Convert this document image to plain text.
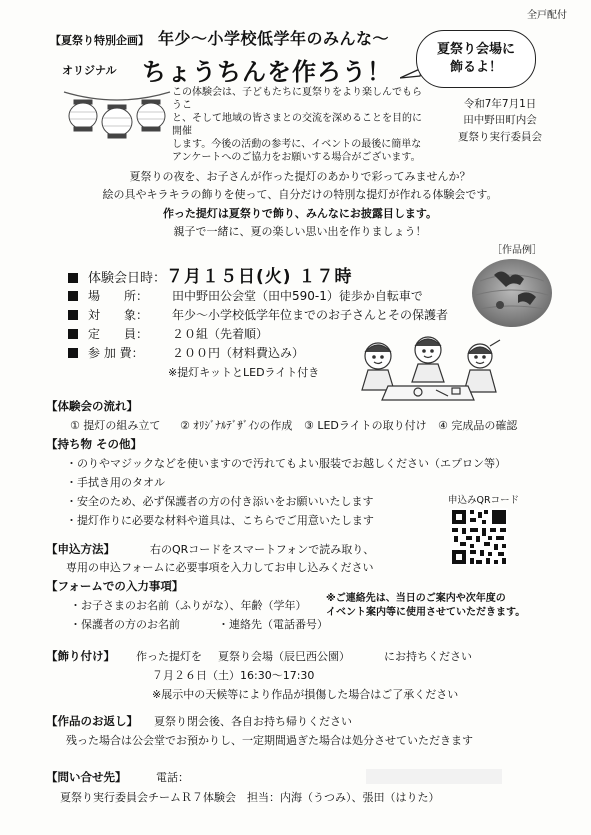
全戸配付
【夏祭り特別企画】 年少～小学校低学年のみんな～
オリジナル ちょうちんを作ろう！
夏祭り会場に
飾るよ！
この体験会は、子どもたちに夏祭りをより楽しんでもらうこ
と、そして地域の皆さまとの交流を深めることを目的に開催
します。今後の活動の参考に、イベントの最後に簡単な
アンケートへのご協力をお願いする場合がございます。
令和7年7月1日
田中野田町内会
夏祭り実行委員会
夏祭りの夜を、お子さんが作った提灯のあかりで彩ってみませんか？
絵の具やキラキラの飾りを使って、自分だけの特別な提灯が作れる体験会です。
作った提灯は夏祭りで飾り、みんなにお披露目します。
親子で一緒に、夏の楽しい思い出を作りましょう！
［作品例］
体験会日時：７月１５日(火) １７時
場　　所： 田中野田公会堂（田中590-1）徒歩か自転車で
対　　象： 年少～小学校低学年位までのお子さんとその保護者
定　　員： ２０組（先着順）
参 加 費： ２００円（材料費込み）
※提灯キットとLEDライト付き
【体験会の流れ】
① 提灯の組み立て ② ｵﾘｼﾞﾅﾙﾃﾞｻﾞｲﾝの作成 ③ LEDライトの取り付け ④ 完成品の確認
【持ち物 その他】
・のりやマジックなどを使いますので汚れてもよい服装でお越しください（エプロン等）
・手拭き用のタオル
・安全のため、必ず保護者の方の付き添いをお願いいたします
・提灯作りに必要な材料や道具は、こちらでご用意いたします
申込みQRコード
【申込方法】	右のQRコードをスマートフォンで読み取り、
専用の申込フォームに必要事項を入力してお申し込みください
【フォームでの入力事項】
・お子さまのお名前（ふりがな）、年齢（学年）
・保護者の方のお名前	・連絡先（電話番号）
※ご連絡先は、当日のご案内や次年度の
イベント案内等に使用させていただきます。
【飾り付け】 作った提灯を 夏祭り会場（辰巳西公園）	にお持ちください
７月２６日（土）16:30～17:30
※展示中の天候等により作品が損傷した場合はご了承ください
【作品のお返し】 夏祭り閉会後、各自お持ち帰りください
残った場合は公会堂でお預かりし、一定期間過ぎた場合は処分させていただきます
【問い合せ先】	電話：
夏祭り実行委員会チームＲ７体験会　担当：内海（うつみ）、張田（はりた）
